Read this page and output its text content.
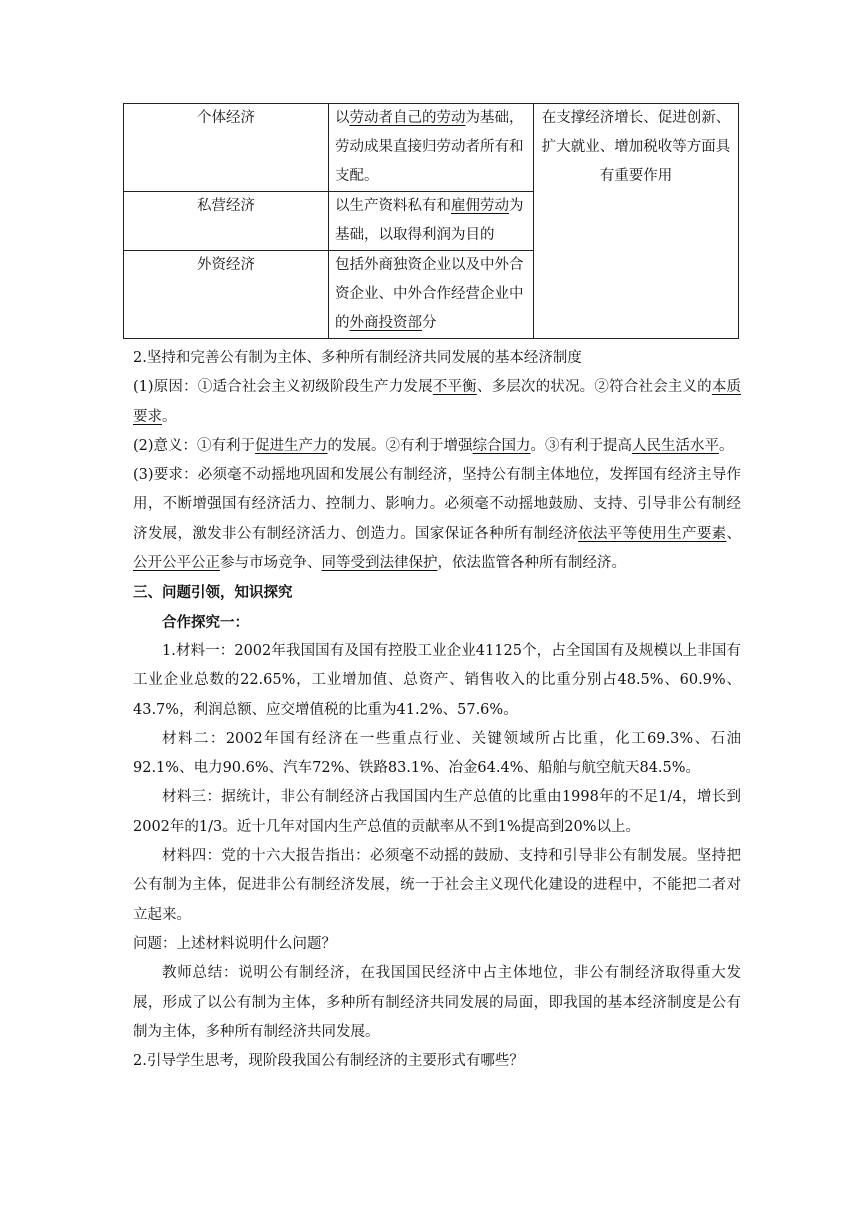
个体经济	以劳动者自己的劳动为基础，劳动成果直接归劳动者所有和支配。	在支撑经济增长、促进创新、扩大就业、增加税收等方面具有重要作用
私营经济	以生产资料私有和雇佣劳动为基础，以取得利润为目的	
外资经济	包括外商独资企业以及中外合资企业、中外合作经营企业中的外商投资部分	

2.坚持和完善公有制为主体、多种所有制经济共同发展的基本经济制度

(1)原因：①适合社会主义初级阶段生产力发展不平衡、多层次的状况。②符合社会主义的本质要求。

(2)意义：①有利于促进生产力的发展。②有利于增强综合国力。③有利于提高人民生活水平。

(3)要求：必须毫不动摇地巩固和发展公有制经济，坚持公有制主体地位，发挥国有经济主导作用，不断增强国有经济活力、控制力、影响力。必须毫不动摇地鼓励、支持、引导非公有制经济发展，激发非公有制经济活力、创造力。国家保证各种所有制经济依法平等使用生产要素、公开公平公正参与市场竞争、同等受到法律保护，依法监管各种所有制经济。

三、问题引领，知识探究

合作探究一：

1.材料一：2002年我国国有及国有控股工业企业41125个，占全国国有及规模以上非国有工业企业总数的22.65%，工业增加值、总资产、销售收入的比重分别占48.5%、60.9%、43.7%，利润总额、应交增值税的比重为41.2%、57.6%。

材料二：2002年国有经济在一些重点行业、关键领域所占比重，化工69.3%、石油92.1%、电力90.6%、汽车72%、铁路83.1%、冶金64.4%、船舶与航空航天84.5%。

材料三：据统计，非公有制经济占我国国内生产总值的比重由1998年的不足1/4，增长到2002年的1/3。近十几年对国内生产总值的贡献率从不到1%提高到20%以上。

材料四：党的十六大报告指出：必须毫不动摇的鼓励、支持和引导非公有制发展。坚持把公有制为主体，促进非公有制经济发展，统一于社会主义现代化建设的进程中，不能把二者对立起来。

问题：上述材料说明什么问题？

教师总结：说明公有制经济，在我国国民经济中占主体地位，非公有制经济取得重大发展，形成了以公有制为主体，多种所有制经济共同发展的局面，即我国的基本经济制度是公有制为主体，多种所有制经济共同发展。

2.引导学生思考，现阶段我国公有制经济的主要形式有哪些？
